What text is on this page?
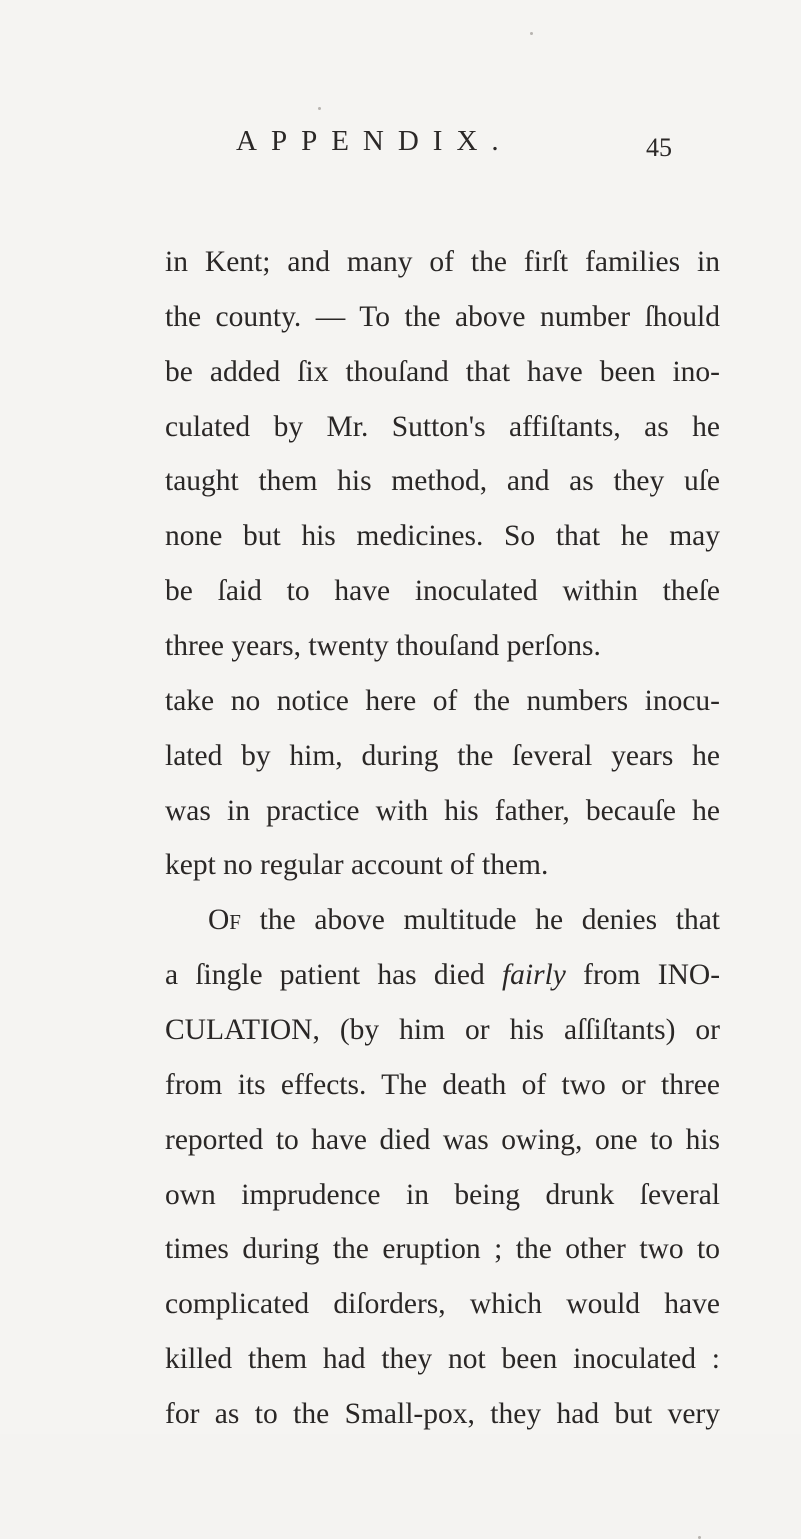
APPENDIX.	45
in Kent; and many of the firſt families in
the county. — To the above number ſhould
be added ſix thouſand that have been ino-
culated by Mr. Sutton's affiſtants, as he
taught them his method, and as they uſe
none but his medicines. So that he may
be ſaid to have inoculated within theſe
three years, twenty thouſand perſons.
take no notice here of the numbers inocu-
lated by him, during the ſeveral years he
was in practice with his father, becauſe he
kept no regular account of them.
Of the above multitude he denies that
a ſingle patient has died fairly from INO-
CULATION, (by him or his aſſiſtants) or
from its effects. The death of two or three
reported to have died was owing, one to his
own imprudence in being drunk ſeveral
times during the eruption ; the other two to
complicated diſorders, which would have
killed them had they not been inoculated :
for as to the Small-pox, they had but very
